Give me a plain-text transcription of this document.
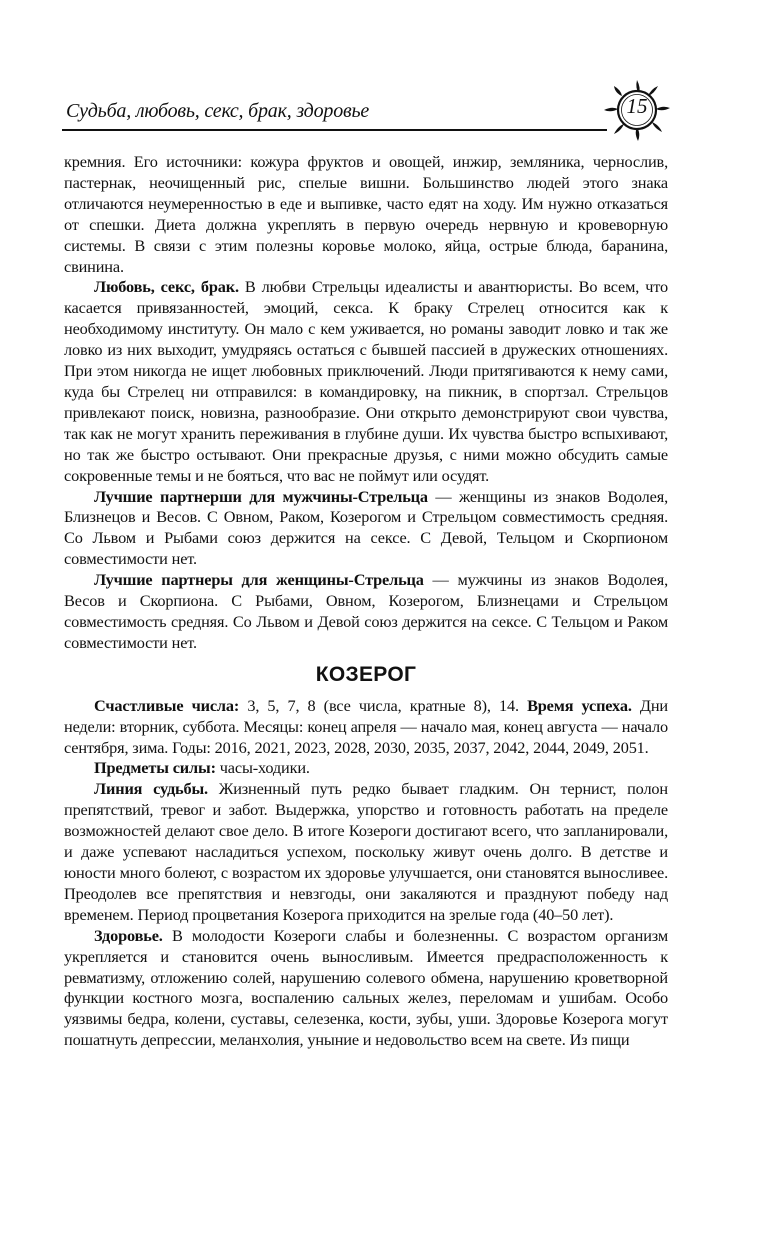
Судьба, любовь, секс, брак, здоровье	15

кремния. Его источники: кожура фруктов и овощей, инжир, земляника, чернослив, пастернак, неочищенный рис, спелые вишни. Большинство людей этого знака отличаются неумеренностью в еде и выпивке, часто едят на ходу. Им нужно отказаться от спешки. Диета должна укреплять в первую очередь нервную и кровеворную системы. В связи с этим полезны коровье молоко, яйца, острые блюда, баранина, свинина.

Любовь, секс, брак. В любви Стрельцы идеалисты и авантюристы. Во всем, что касается привязанностей, эмоций, секса. К браку Стрелец относится как к необходимому институту. Он мало с кем уживается, но романы заводит ловко и так же ловко из них выходит, умудряясь остаться с бывшей пассией в дружеских отношениях. При этом никогда не ищет любовных приключений. Люди притягиваются к нему сами, куда бы Стрелец ни отправился: в командировку, на пикник, в спортзал. Стрельцов привлекают поиск, новизна, разнообразие. Они открыто демонстрируют свои чувства, так как не могут хранить переживания в глубине души. Их чувства быстро вспыхивают, но так же быстро остывают. Они прекрасные друзья, с ними можно обсудить самые сокровенные темы и не бояться, что вас не поймут или осудят.

Лучшие партнерши для мужчины-Стрельца — женщины из знаков Водолея, Близнецов и Весов. С Овном, Раком, Козерогом и Стрельцом совместимость средняя. Со Львом и Рыбами союз держится на сексе. С Девой, Тельцом и Скорпионом совместимости нет.

Лучшие партнеры для женщины-Стрельца — мужчины из знаков Водолея, Весов и Скорпиона. С Рыбами, Овном, Козерогом, Близнецами и Стрельцом совместимость средняя. Со Львом и Девой союз держится на сексе. С Тельцом и Раком совместимости нет.

КОЗЕРОГ

Счастливые числа: 3, 5, 7, 8 (все числа, кратные 8), 14. Время успеха. Дни недели: вторник, суббота. Месяцы: конец апреля — начало мая, конец августа — начало сентября, зима. Годы: 2016, 2021, 2023, 2028, 2030, 2035, 2037, 2042, 2044, 2049, 2051.

Предметы силы: часы-ходики.

Линия судьбы. Жизненный путь редко бывает гладким. Он тернист, полон препятствий, тревог и забот. Выдержка, упорство и готовность работать на пределе возможностей делают свое дело. В итоге Козероги достигают всего, что запланировали, и даже успевают насладиться успехом, поскольку живут очень долго. В детстве и юности много болеют, с возрастом их здоровье улучшается, они становятся выносливее. Преодолев все препятствия и невзгоды, они закаляются и празднуют победу над временем. Период процветания Козерога приходится на зрелые года (40–50 лет).

Здоровье. В молодости Козероги слабы и болезненны. С возрастом организм укрепляется и становится очень выносливым. Имеется предрасположенность к ревматизму, отложению солей, нарушению солевого обмена, нарушению кроветворной функции костного мозга, воспалению сальных желез, переломам и ушибам. Особо уязвимы бедра, колени, суставы, селезенка, кости, зубы, уши. Здоровье Козерога могут пошатнуть депрессии, меланхолия, уныние и недовольство всем на свете. Из пищи
